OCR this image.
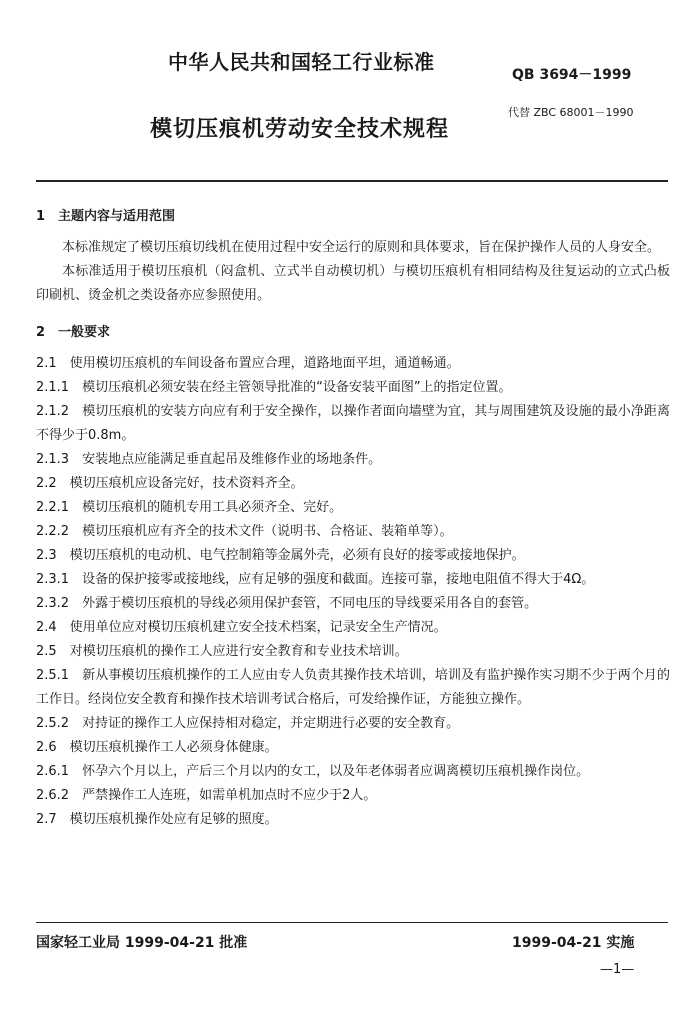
中华人民共和国轻工行业标准
QB 3694－1999
模切压痕机劳动安全技术规程
代替 ZBC 68001－1990
1　主题内容与适用范围
本标准规定了模切压痕切线机在使用过程中安全运行的原则和具体要求，旨在保护操作人员的人身安全。
本标准适用于模切压痕机（闷盒机、立式半自动模切机）与模切压痕机有相同结构及往复运动的立式凸板印刷机、烫金机之类设备亦应参照使用。
2　一般要求
2.1　使用模切压痕机的车间设备布置应合理，道路地面平坦，通道畅通。
2.1.1　模切压痕机必须安装在经主管领导批准的“设备安装平面图”上的指定位置。
2.1.2　模切压痕机的安装方向应有利于安全操作，以操作者面向墙壁为宜，其与周围建筑及设施的最小净距离不得少于0.8m。
2.1.3　安装地点应能满足垂直起吊及维修作业的场地条件。
2.2　模切压痕机应设备完好，技术资料齐全。
2.2.1　模切压痕机的随机专用工具必须齐全、完好。
2.2.2　模切压痕机应有齐全的技术文件（说明书、合格证、装箱单等）。
2.3　模切压痕机的电动机、电气控制箱等金属外壳，必须有良好的接零或接地保护。
2.3.1　设备的保护接零或接地线，应有足够的强度和截面。连接可靠，接地电阻值不得大于4Ω。
2.3.2　外露于模切压痕机的导线必须用保护套管，不同电压的导线要采用各自的套管。
2.4　使用单位应对模切压痕机建立安全技术档案，记录安全生产情况。
2.5　对模切压痕机的操作工人应进行安全教育和专业技术培训。
2.5.1　新从事模切压痕机操作的工人应由专人负责其操作技术培训，培训及有监护操作实习期不少于两个月的工作日。经岗位安全教育和操作技术培训考试合格后，可发给操作证，方能独立操作。
2.5.2　对持证的操作工人应保持相对稳定，并定期进行必要的安全教育。
2.6　模切压痕机操作工人必须身体健康。
2.6.1　怀孕六个月以上，产后三个月以内的女工，以及年老体弱者应调离模切压痕机操作岗位。
2.6.2　严禁操作工人连班，如需单机加点时不应少于2人。
2.7　模切压痕机操作处应有足够的照度。
国家轻工业局 1999-04-21 批准	1999-04-21 实施
—1—
